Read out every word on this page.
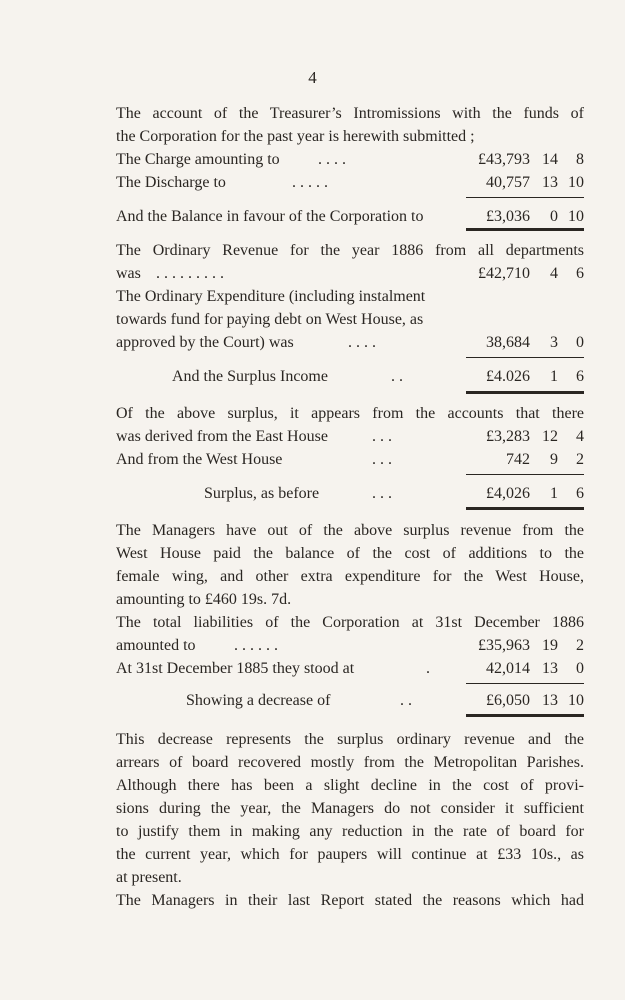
4
The account of the Treasurer’s Intromissions with the funds of
the Corporation for the past year is herewith submitted ;
The Charge amounting to . . . .	£43,793 14	8
The Discharge to	. . . . .	40,757 13 10
And the Balance in favour of the Corporation to	£3,036	0 10
The Ordinary Revenue for the year 1886 from all departments
was . . . . . . . . .	£42,710	4	6
The Ordinary Expenditure (including instalment
towards fund for paying debt on West House, as
approved by the Court) was	. . . .	38,684	3	0
And the Surplus Income	. .	£4.026	1	6
Of the above surplus, it appears from the accounts that there
was derived from the East House	. . .	£3,283 12	4
And from the West House	. . .	742	9	2
Surplus, as before	. . .	£4,026	1	6
The Managers have out of the above surplus revenue from the
West House paid the balance of the cost of additions to the
female wing, and other extra expenditure for the West House,
amounting to £460 19s. 7d.
The total liabilities of the Corporation at 31st December 1886
amounted to . . . . . .	£35,963 19	2
At 31st December 1885 they stood at	.	42,014 13	0
Showing a decrease of	. .	£6,050 13 10
This decrease represents the surplus ordinary revenue and the
arrears of board recovered mostly from the Metropolitan Parishes.
Although there has been a slight decline in the cost of provi-
sions during the year, the Managers do not consider it sufficient
to justify them in making any reduction in the rate of board for
the current year, which for paupers will continue at £33 10s., as
at present.
The Managers in their last Report stated the reasons which had
